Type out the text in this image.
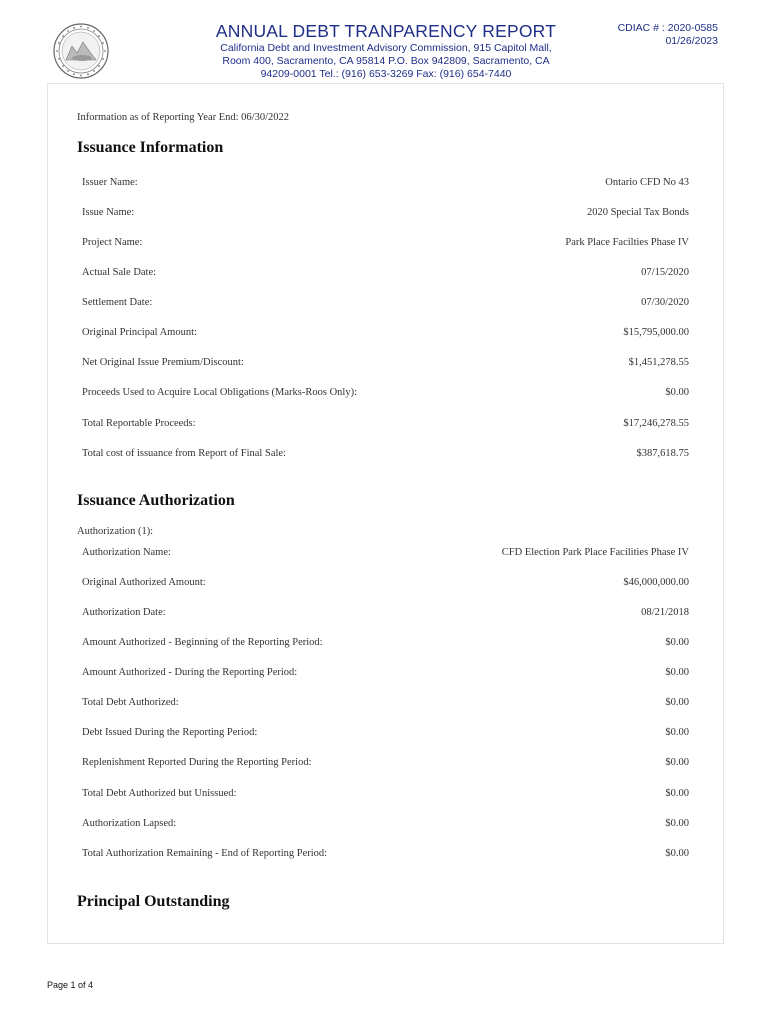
ANNUAL DEBT TRANPARENCY REPORT
California Debt and Investment Advisory Commission, 915 Capitol Mall,
Room 400, Sacramento, CA 95814 P.O. Box 942809, Sacramento, CA
94209-0001 Tel.: (916) 653-3269 Fax: (916) 654-7440
CDIAC # : 2020-0585
01/26/2023
Information as of Reporting Year End: 06/30/2022
Issuance Information
Issuer Name:	Ontario CFD No 43
Issue Name:	2020 Special Tax Bonds
Project Name:	Park Place Facilties Phase IV
Actual Sale Date:	07/15/2020
Settlement Date:	07/30/2020
Original Principal Amount:	$15,795,000.00
Net Original Issue Premium/Discount:	$1,451,278.55
Proceeds Used to Acquire Local Obligations (Marks-Roos Only):	$0.00
Total Reportable Proceeds:	$17,246,278.55
Total cost of issuance from Report of Final Sale:	$387,618.75
Issuance Authorization
Authorization (1):
Authorization Name:	CFD Election Park Place Facilities Phase IV
Original Authorized Amount:	$46,000,000.00
Authorization Date:	08/21/2018
Amount Authorized - Beginning of the Reporting Period:	$0.00
Amount Authorized - During the Reporting Period:	$0.00
Total Debt Authorized:	$0.00
Debt Issued During the Reporting Period:	$0.00
Replenishment Reported During the Reporting Period:	$0.00
Total Debt Authorized but Unissued:	$0.00
Authorization Lapsed:	$0.00
Total Authorization Remaining - End of Reporting Period:	$0.00
Principal Outstanding
Page 1 of 4
